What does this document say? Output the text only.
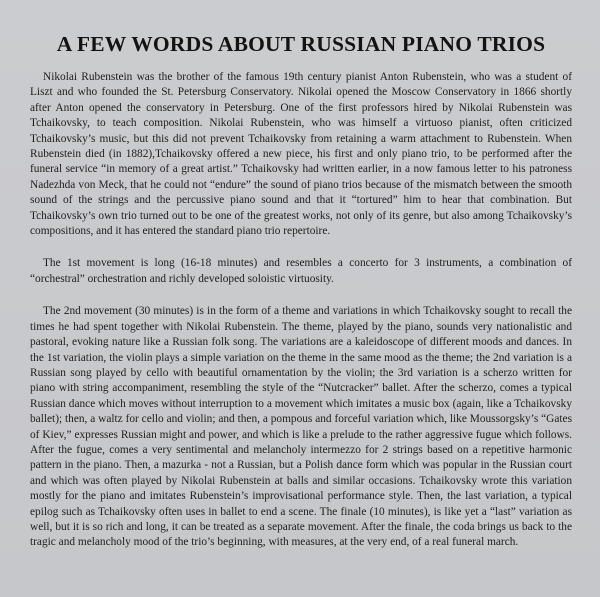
A FEW WORDS ABOUT RUSSIAN PIANO TRIOS

Nikolai Rubenstein was the brother of the famous 19th century pianist Anton Rubenstein, who was a student of Liszt and who founded the St. Petersburg Conservatory. Nikolai opened the Moscow Conservatory in 1866 shortly after Anton opened the conservatory in Petersburg. One of the first professors hired by Nikolai Rubenstein was Tchaikovsky, to teach composition. Nikolai Rubenstein, who was himself a virtuoso pianist, often criticized Tchaikovsky’s music, but this did not prevent Tchaikovsky from retaining a warm attachment to Rubenstein. When Rubenstein died (in 1882),Tchaikovsky offered a new piece, his first and only piano trio, to be performed after the funeral service “in memory of a great artist.” Tchaikovsky had written earlier, in a now famous letter to his patroness Nadezhda von Meck, that he could not “endure” the sound of piano trios because of the mismatch between the smooth sound of the strings and the percussive piano sound and that it “tortured” him to hear that combination. But Tchaikovsky’s own trio turned out to be one of the greatest works, not only of its genre, but also among Tchaikovsky’s compositions, and it has entered the standard piano trio repertoire.

The 1st movement is long (16-18 minutes) and resembles a concerto for 3 instruments, a combination of “orchestral” orchestration and richly developed soloistic virtuosity.

The 2nd movement (30 minutes) is in the form of a theme and variations in which Tchaikovsky sought to recall the times he had spent together with Nikolai Rubenstein. The theme, played by the piano, sounds very nationalistic and pastoral, evoking nature like a Russian folk song. The variations are a kaleidoscope of different moods and dances. In the 1st variation, the violin plays a simple variation on the theme in the same mood as the theme; the 2nd variation is a Russian song played by cello with beautiful ornamentation by the violin; the 3rd variation is a scherzo written for piano with string accompaniment, resembling the style of the “Nutcracker” ballet. After the scherzo, comes a typical Russian dance which moves without interruption to a movement which imitates a music box (again, like a Tchaikovsky ballet); then, a waltz for cello and violin; and then, a pompous and forceful variation which, like Moussorgsky’s “Gates of Kiev,” expresses Russian might and power, and which is like a prelude to the rather aggressive fugue which follows. After the fugue, comes a very sentimental and melancholy intermezzo for 2 strings based on a repetitive harmonic pattern in the piano. Then, a mazurka - not a Russian, but a Polish dance form which was popular in the Russian court and which was often played by Nikolai Rubenstein at balls and similar occasions. Tchaikovsky wrote this variation mostly for the piano and imitates Rubenstein’s improvisational performance style. Then, the last variation, a typical epilog such as Tchaikovsky often uses in ballet to end a scene. The finale (10 minutes), is like yet a “last” variation as well, but it is so rich and long, it can be treated as a separate movement. After the finale, the coda brings us back to the tragic and melancholy mood of the trio’s beginning, with measures, at the very end, of a real funeral march.
